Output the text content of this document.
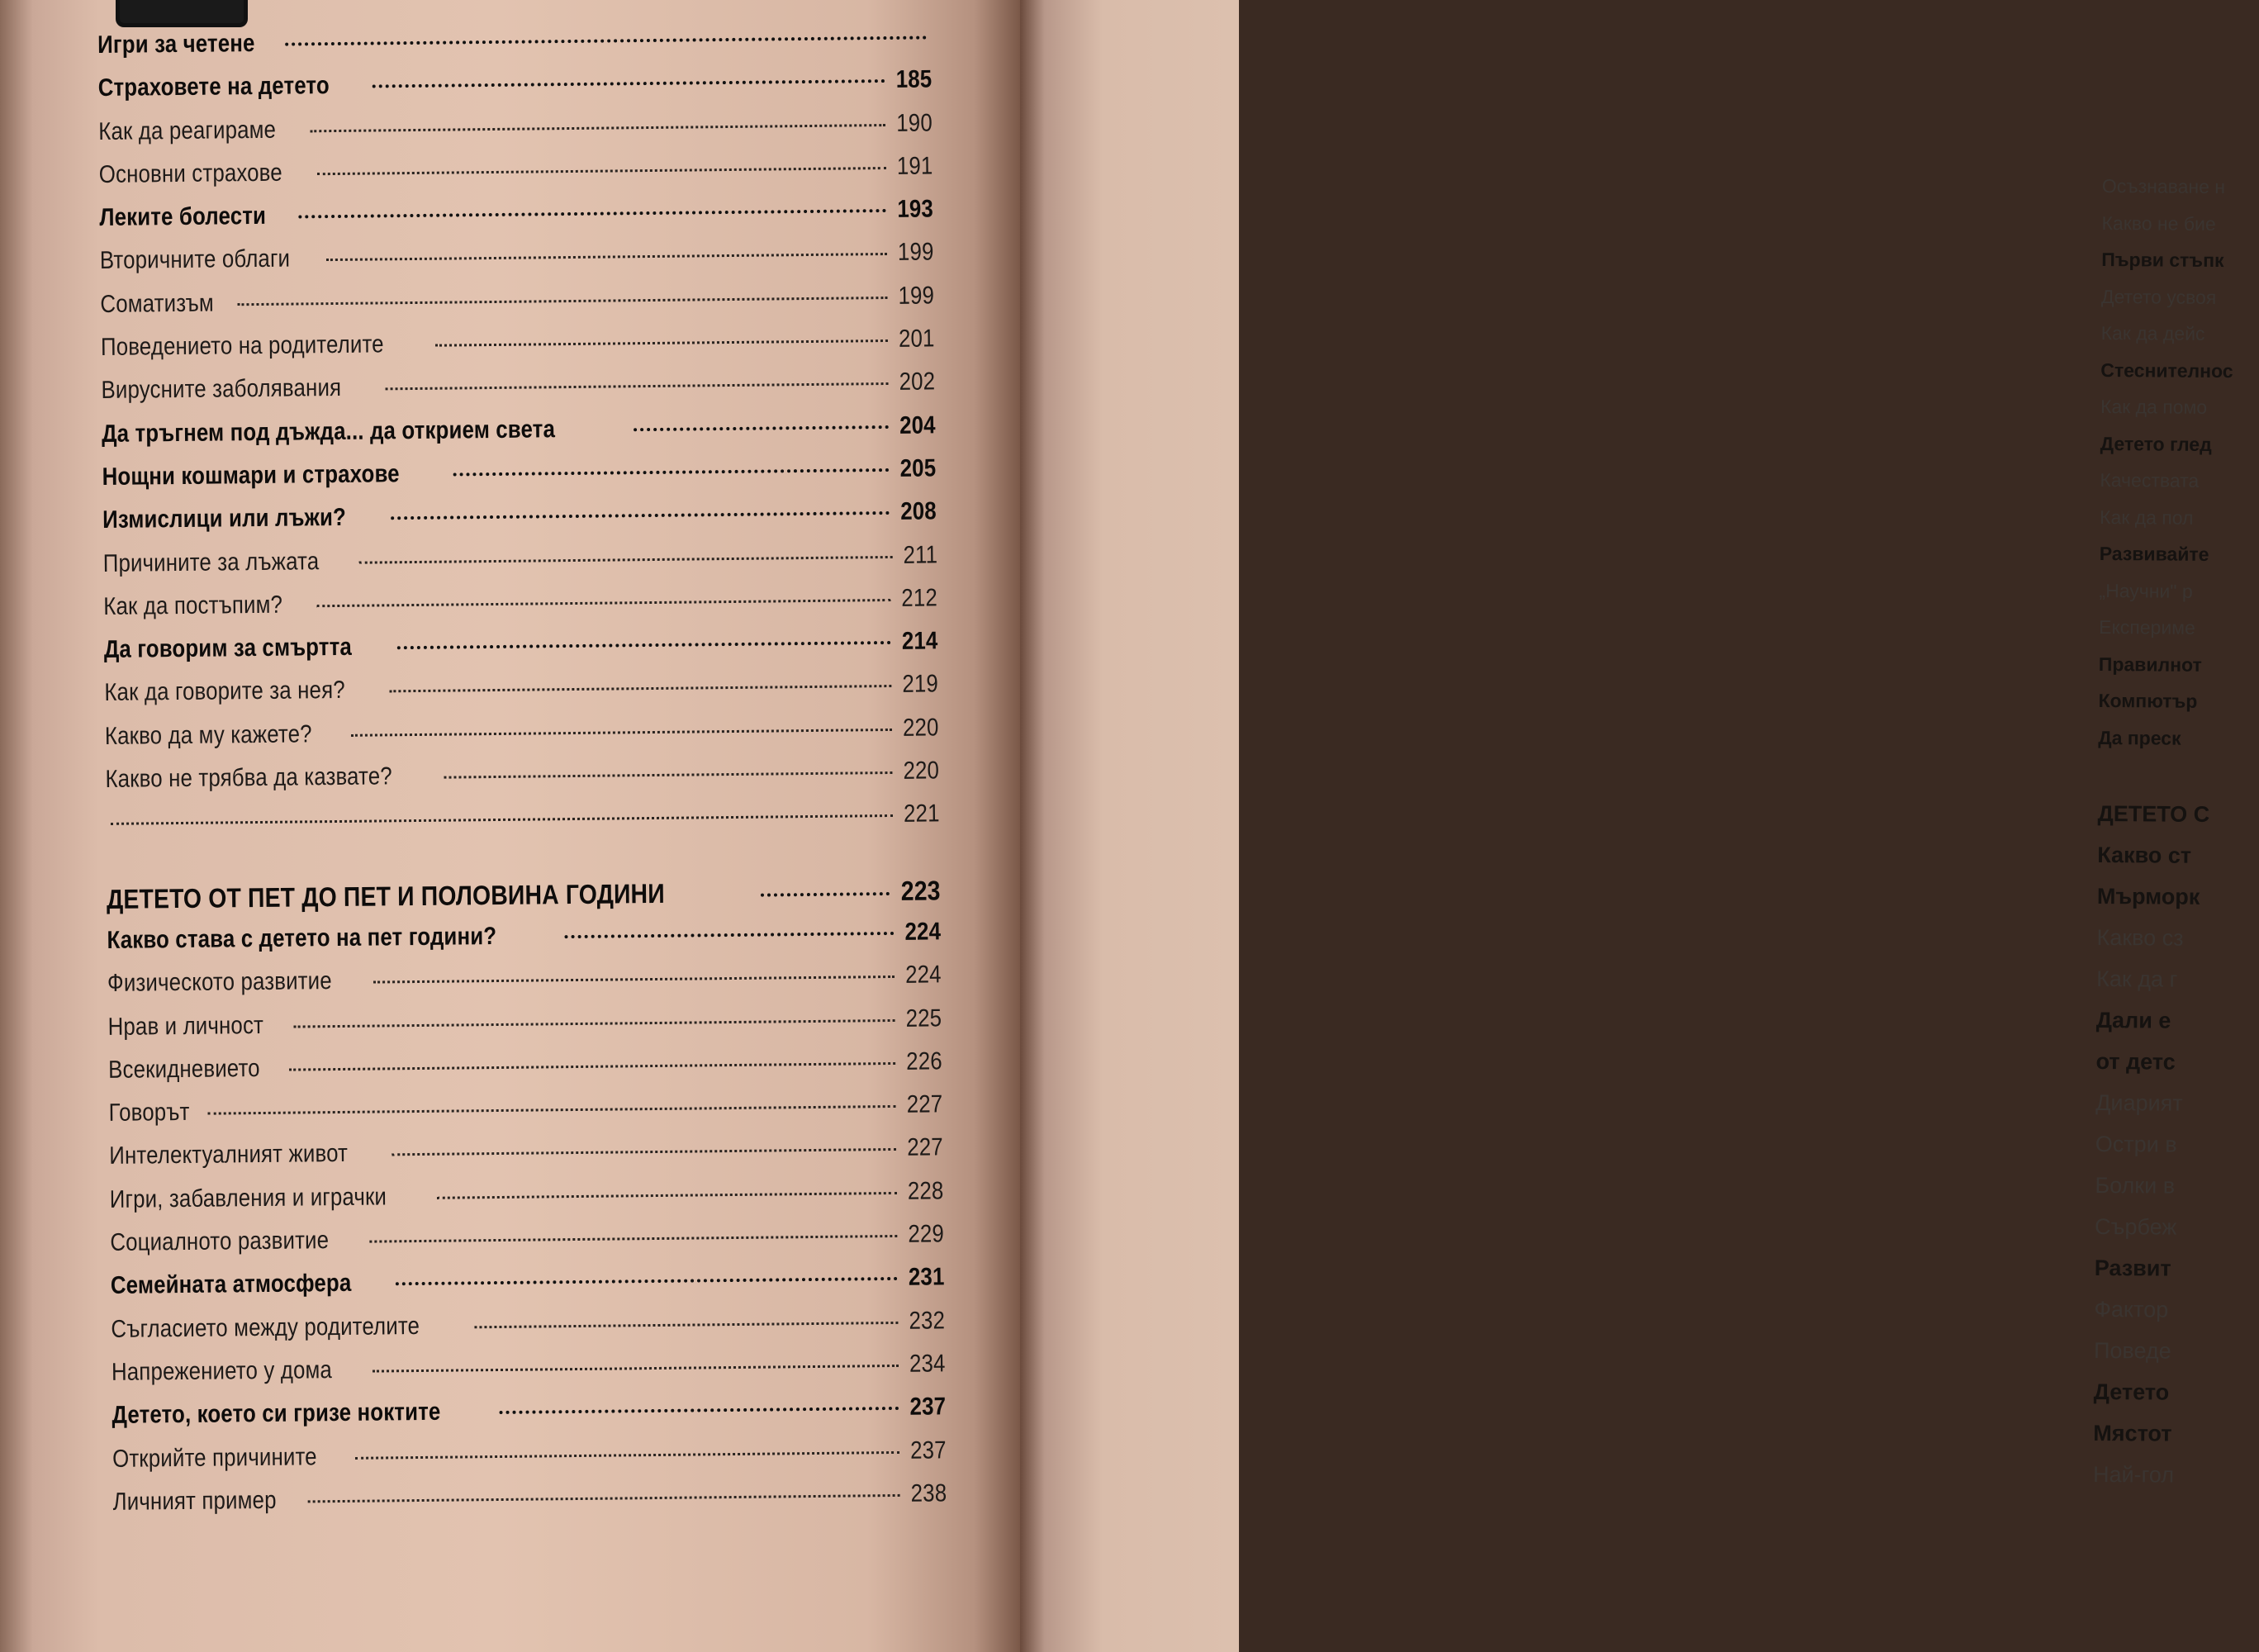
Игри за четене
Страховете на детето	185
Как да реагираме	190
Основни страхове	191
Леките болести	193
Вторичните облаги	199
Соматизъм	199
Поведението на родителите	201
Вирусните заболявания	202
Да тръгнем под дъжда... да открием света	204
Нощни кошмари и страхове	205
Измислици или лъжи?	208
Причините за лъжата	211
Как да постъпим?	212
Да говорим за смъртта	214
Как да говорите за нея?	219
Какво да му кажете?	220
Какво не трябва да казвате?	220
221
ДЕТЕТО ОТ ПЕТ ДО ПЕТ И ПОЛОВИНА ГОДИНИ	223
Какво става с детето на пет години?	224
Физическото развитие	224
Нрав и личност	225
Всекидневието	226
Говорът	227
Интелектуалният живот	227
Игри, забавления и играчки	228
Социалното развитие	229
Семейната атмосфера	231
Съгласието между родителите	232
Напрежението у дома	234
Детето, което си гризе ноктите	237
Открийте причините	237
Личният пример	238
Осъзнаване н
Какво не бие
Първи стъпк
Детето усвоя
Как да дейс
Стеснителнос
Как да помо
Детето глед
Качествата
Как да пол
Развивайте
„Научни" р
Експериме
Правилнот
Компютър
Да преск
ДЕТЕТО С
Какво ст
Мърморк
Какво сз
Как да г
Дали е
от детс
Диарият
Остри в
Болки в
Сърбеж
Развит
Фактор
Поведе
Детето
Мястот
Най-гол
